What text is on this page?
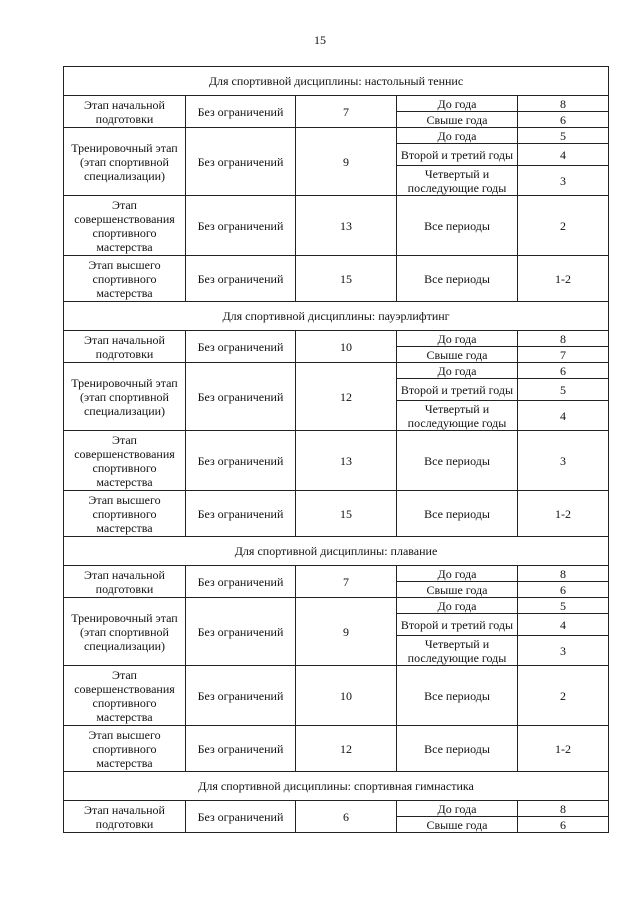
15
Для спортивной дисциплины: настольный теннис				
Этап начальной подготовки	Без ограничений	7	До года	8
			Свыше года	6
Тренировочный этап (этап спортивной специализации)	Без ограничений	9	До года	5
			Второй и третий годы	4
			Четвертый и последующие годы	3
Этап совершенствования спортивного мастерства	Без ограничений	13	Все периоды	2
Этап высшего спортивного мастерства	Без ограничений	15	Все периоды	1-2
Для спортивной дисциплины: пауэрлифтинг				
Этап начальной подготовки	Без ограничений	10	До года	8
			Свыше года	7
Тренировочный этап (этап спортивной специализации)	Без ограничений	12	До года	6
			Второй и третий годы	5
			Четвертый и последующие годы	4
Этап совершенствования спортивного мастерства	Без ограничений	13	Все периоды	3
Этап высшего спортивного мастерства	Без ограничений	15	Все периоды	1-2
Для спортивной дисциплины: плавание				
Этап начальной подготовки	Без ограничений	7	До года	8
			Свыше года	6
Тренировочный этап (этап спортивной специализации)	Без ограничений	9	До года	5
			Второй и третий годы	4
			Четвертый и последующие годы	3
Этап совершенствования спортивного мастерства	Без ограничений	10	Все периоды	2
Этап высшего спортивного мастерства	Без ограничений	12	Все периоды	1-2
Для спортивной дисциплины: спортивная гимнастика				
Этап начальной подготовки	Без ограничений	6	До года	8
			Свыше года	6
